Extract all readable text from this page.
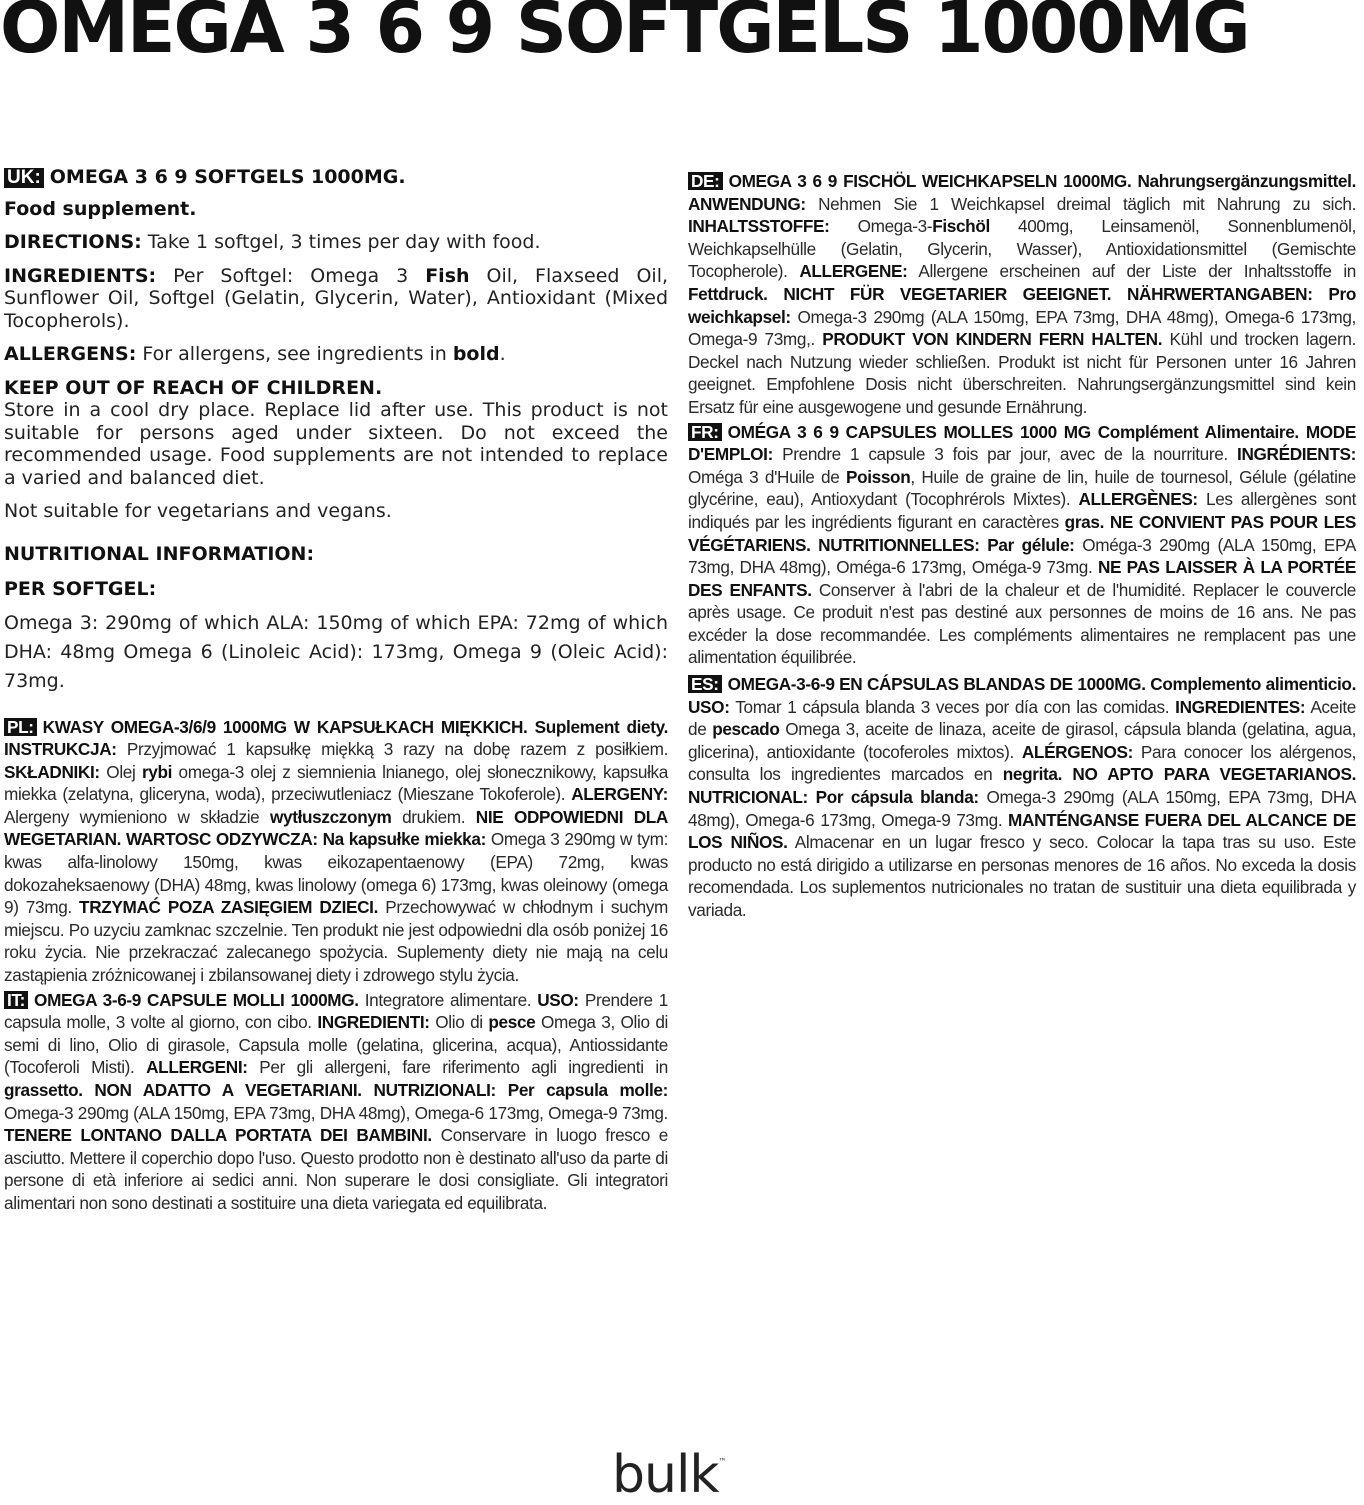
OMEGA 3 6 9 SOFTGELS 1000MG

UK: OMEGA 3 6 9 SOFTGELS 1000MG.

Food supplement.

DIRECTIONS: Take 1 softgel, 3 times per day with food.

INGREDIENTS: Per Softgel: Omega 3 Fish Oil, Flaxseed Oil, Sunflower Oil, Softgel (Gelatin, Glycerin, Water), Antioxidant (Mixed Tocopherols).

ALLERGENS: For allergens, see ingredients in bold.

KEEP OUT OF REACH OF CHILDREN.
Store in a cool dry place. Replace lid after use. This product is not suitable for persons aged under sixteen. Do not exceed the recommended usage. Food supplements are not intended to replace a varied and balanced diet.

Not suitable for vegetarians and vegans.

NUTRITIONAL INFORMATION:

PER SOFTGEL:

Omega 3: 290mg of which ALA: 150mg of which EPA: 72mg of which DHA: 48mg Omega 6 (Linoleic Acid): 173mg, Omega 9 (Oleic Acid): 73mg.

PL: KWASY OMEGA-3/6/9 1000MG W KAPSUŁKACH MIĘKKICH. Suplement diety. INSTRUKCJA: Przyjmować 1 kapsułkę miękką 3 razy na dobę razem z posiłkiem. SKŁADNIKI: Olej rybi omega-3 olej z siemnienia lnianego, olej słonecznikowy, kapsułka miekka (zelatyna, gliceryna, woda), przeciwutleniacz (Mieszane Tokoferole). ALERGENY: Alergeny wymieniono w składzie wytłuszczonym drukiem. NIE ODPOWIEDNI DLA WEGETARIAN. WARTOSC ODZYWCZA: Na kapsułke miekka: Omega 3 290mg w tym: kwas alfa-linolowy 150mg, kwas eikozapentaenowy (EPA) 72mg, kwas dokozaheksaenowy (DHA) 48mg, kwas linolowy (omega 6) 173mg, kwas oleinowy (omega 9) 73mg. TRZYMAĆ POZA ZASIĘGIEM DZIECI. Przechowywać w chłodnym i suchym miejscu. Po uzyciu zamknac szczelnie. Ten produkt nie jest odpowiedni dla osób poniżej 16 roku życia. Nie przekraczać zalecanego spożycia. Suplementy diety nie mają na celu zastąpienia zróżnicowanej i zbilansowanej diety i zdrowego stylu życia.
IT: OMEGA 3-6-9 CAPSULE MOLLI 1000MG. Integratore alimentare. USO: Prendere 1 capsula molle, 3 volte al giorno, con cibo. INGREDIENTI: Olio di pesce Omega 3, Olio di semi di lino, Olio di girasole, Capsula molle (gelatina, glicerina, acqua), Antiossidante (Tocoferoli Misti). ALLERGENI: Per gli allergeni, fare riferimento agli ingredienti in grassetto. NON ADATTO A VEGETARIANI. NUTRIZIONALI: Per capsula molle: Omega-3 290mg (ALA 150mg, EPA 73mg, DHA 48mg), Omega-6 173mg, Omega-9 73mg. TENERE LONTANO DALLA PORTATA DEI BAMBINI. Conservare in luogo fresco e asciutto. Mettere il coperchio dopo l'uso. Questo prodotto non è destinato all'uso da parte di persone di età inferiore ai sedici anni. Non superare le dosi consigliate. Gli integratori alimentari non sono destinati a sostituire una dieta variegata ed equilibrata.
DE: OMEGA 3 6 9 FISCHÖL WEICHKAPSELN 1000MG. Nahrungsergänzungsmittel. ANWENDUNG: Nehmen Sie 1 Weichkapsel dreimal täglich mit Nahrung zu sich. INHALTSSTOFFE: Omega-3-Fischöl 400mg, Leinsamenöl, Sonnenblumenöl, Weichkapselhülle (Gelatin, Glycerin, Wasser), Antioxidationsmittel (Gemischte Tocopherole). ALLERGENE: Allergene erscheinen auf der Liste der Inhaltsstoffe in Fettdruck. NICHT FÜR VEGETARIER GEEIGNET. NÄHRWERTANGABEN: Pro weichkapsel: Omega-3 290mg (ALA 150mg, EPA 73mg, DHA 48mg), Omega-6 173mg, Omega-9 73mg,. PRODUKT VON KINDERN FERN HALTEN. Kühl und trocken lagern. Deckel nach Nutzung wieder schließen. Produkt ist nicht für Personen unter 16 Jahren geeignet. Empfohlene Dosis nicht überschreiten. Nahrungsergänzungsmittel sind kein Ersatz für eine ausgewogene und gesunde Ernährung.
FR: OMÉGA 3 6 9 CAPSULES MOLLES 1000 MG Complément Alimentaire. MODE D'EMPLOI: Prendre 1 capsule 3 fois par jour, avec de la nourriture. INGRÉDIENTS: Oméga 3 d'Huile de Poisson, Huile de graine de lin, huile de tournesol, Gélule (gélatine glycérine, eau), Antioxydant (Tocophrérols Mixtes). ALLERGÈNES: Les allergènes sont indiqués par les ingrédients figurant en caractères gras. NE CONVIENT PAS POUR LES VÉGÉTARIENS. NUTRITIONNELLES: Par gélule: Oméga-3 290mg (ALA 150mg, EPA 73mg, DHA 48mg), Oméga-6 173mg, Oméga-9 73mg. NE PAS LAISSER À LA PORTÉE DES ENFANTS. Conserver à l'abri de la chaleur et de l'humidité. Replacer le couvercle après usage. Ce produit n'est pas destiné aux personnes de moins de 16 ans. Ne pas excéder la dose recommandée. Les compléments alimentaires ne remplacent pas une alimentation équilibrée.
ES: OMEGA-3-6-9 EN CÁPSULAS BLANDAS DE 1000MG. Complemento alimenticio. USO: Tomar 1 cápsula blanda 3 veces por día con las comidas. INGREDIENTES: Aceite de pescado Omega 3, aceite de linaza, aceite de girasol, cápsula blanda (gelatina, agua, glicerina), antioxidante (tocoferoles mixtos). ALÉRGENOS: Para conocer los alérgenos, consulta los ingredientes marcados en negrita. NO APTO PARA VEGETARIANOS. NUTRICIONAL: Por cápsula blanda: Omega-3 290mg (ALA 150mg, EPA 73mg, DHA 48mg), Omega-6 173mg, Omega-9 73mg. MANTÉNGANSE FUERA DEL ALCANCE DE LOS NIÑOS. Almacenar en un lugar fresco y seco. Colocar la tapa tras su uso. Este producto no está dirigido a utilizarse en personas menores de 16 años. No exceda la dosis recomendada. Los suplementos nutricionales no tratan de sustituir una dieta equilibrada y variada.
bulk™
